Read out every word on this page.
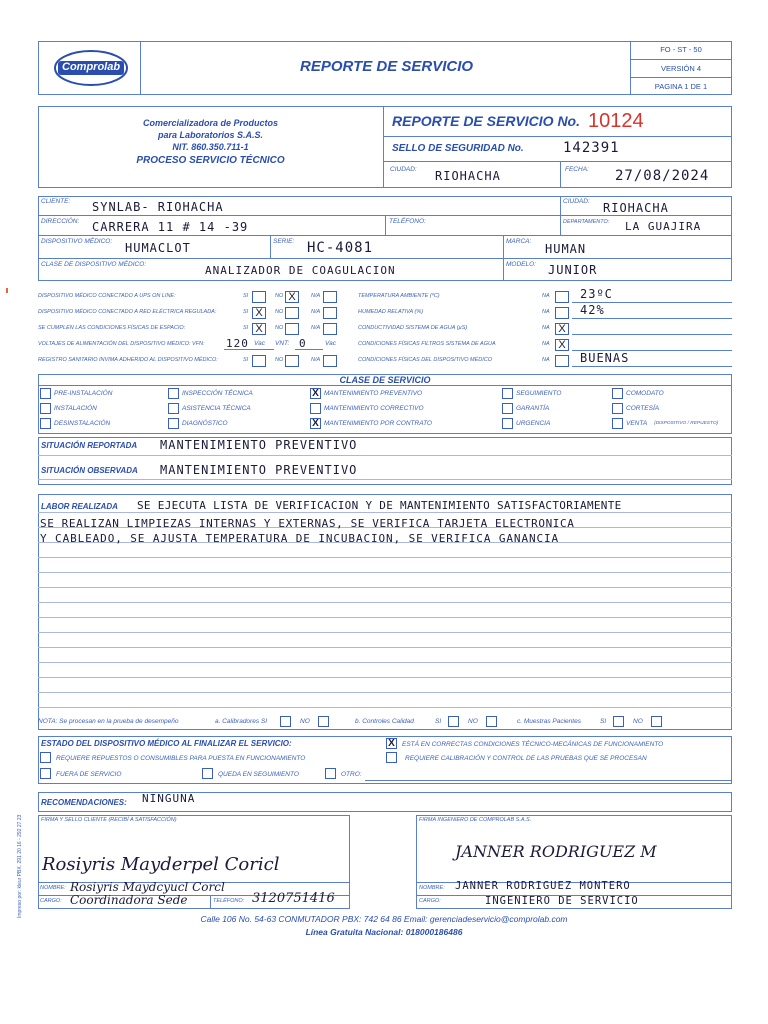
Comprolab	REPORTE DE SERVICIO
FO - ST - 50
VERSIÓN 4
PAGINA 1 DE 1
Comercializadora de Productos
para Laboratorios S.A.S.
NIT. 860.350.711-1
PROCESO SERVICIO TÉCNICO
REPORTE DE SERVICIO No. 10124
SELLO DE SEGURIDAD No.	142391
CIUDAD: RIOHACHA	FECHA: 27/08/2024
CLIENTE: SYNLAB- RIOHACHA	CIUDAD: RIOHACHA
DIRECCIÓN: CARRERA 11 # 14 -39	TELÉFONO:	DEPARTAMENTO: LA GUAJIRA
DISPOSITIVO MÉDICO: HUMACLOT	SERIE: HC-4081	MARCA:
HUMAN
CLASE DE DISPOSITIVO MÉDICO:	ANALIZADOR DE COAGULACION	MODELO: JUNIOR
DISPOSITIVO MÉDICO CONECTADO A UPS ON LINE:	SI	NO X	N/A
DISPOSITIVO MÉDICO CONECTADO A RED ELÉCTRICA REGULADA:	SI X	NO	N/A
SE CUMPLEN LAS CONDICIONES FÍSICAS DE ESPACIO:	SI X	NO	N/A
VOLTAJES DE ALIMENTACIÓN DEL DISPOSITIVO MÉDICO: VFN: 120 Vac VNT: 0	Vac
REGISTRO SANITARIO INVIMA ADHERIDO AL DISPOSITIVO MÉDICO:	SI	NO	N/A
TEMPERATURA AMBIENTE (ºC)	NA	23ºC
HUMEDAD RELATIVA (%)	NA	42%
CONDUCTIVIDAD SISTEMA DE AGUA (µS)	NA X
CONDICIONES FÍSICAS FILTROS SISTEMA DE AGUA	NA X
CONDICIONES FÍSICAS DEL DISPOSITIVO MÉDICO	NA	BUENAS
CLASE DE SERVICIO
PRE-INSTALACIÓN
INSTALACIÓN
DESINSTALACIÓN
INSPECCIÓN TÉCNICA
ASISTENCIA TÉCNICA
DIAGNÓSTICO
X MANTENIMIENTO PREVENTIVO
MANTENIMIENTO CORRECTIVO
X MANTENIMIENTO POR CONTRATO
SEGUIMIENTO
GARANTÍA
URGENCIA
COMODATO
CORTESÍA
VENTA (DISPOSITIVO / REPUESTO)
SITUACIÓN REPORTADA MANTENIMIENTO PREVENTIVO
SITUACIÓN OBSERVADA MANTENIMIENTO PREVENTIVO
LABOR REALIZADA SE EJECUTA LISTA DE VERIFICACION Y DE MANTENIMIENTO SATISFACTORIAMENTE
SE REALIZAN LIMPIEZAS INTERNAS Y EXTERNAS, SE VERIFICA TARJETA ELECTRONICA
Y CABLEADO, SE AJUSTA TEMPERATURA DE INCUBACION, SE VERIFICA GANANCIA
NOTA: Se procesan en la prueba de desempeño	a. Calibradores SI	NO	b. Controles Calidad	SI	NO	c. Muestras Pacientes	SI	NO
ESTADO DEL DISPOSITIVO MÉDICO AL FINALIZAR EL SERVICIO:	X	ESTÁ EN CORRECTAS CONDICIONES TÉCNICO-MECÁNICAS DE FUNCIONAMIENTO
REQUIERE REPUESTOS O CONSUMIBLES PARA PUESTA EN FUNCIONAMIENTO	REQUIERE CALIBRACIÓN Y CONTROL DE LAS PRUEBAS QUE SE PROCESAN
FUERA DE SERVICIO	QUEDA EN SEGUIMIENTO	OTRO:
RECOMENDACIONES: NINGUNA
FIRMA Y SELLO CLIENTE (RECIBÍ A SATISFACCIÓN)
Rosiyris Mayderpel Coricl
NOMBRE: Rosiyris Maydcyucl Corcl
CARGO: Coordinadora Sede	TELÉFONO: 3120751416
FIRMA INGENIERO DE COMPROLAB S.A.S.
JANNER RODRIGUEZ M
NOMBRE: JANNER RODRIGUEZ MONTERO
CARGO:	INGENIERO DE SERVICIO
Impreso por: kleur PBX. 291 20 16 - 292 27 23
Calle 106 No. 54-63 CONMUTADOR PBX: 742 64 86 Email: gerenciadeservicio@comprolab.com
Línea Gratuita Nacional: 018000186486
